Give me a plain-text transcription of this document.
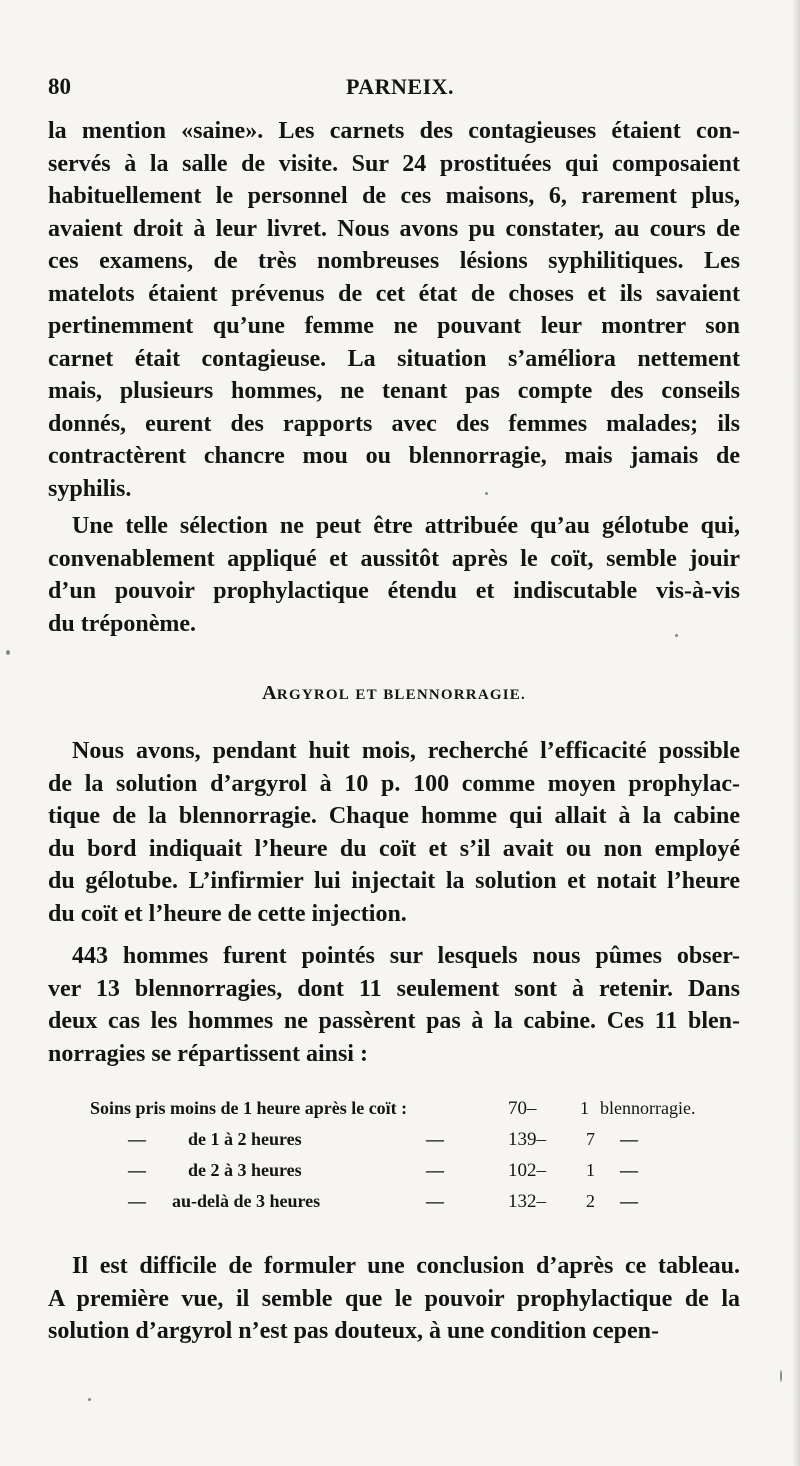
80	PARNEIX.
la mention «saine». Les carnets des contagieuses étaient con-
servés à la salle de visite. Sur 24 prostituées qui composaient
habituellement le personnel de ces maisons, 6, rarement plus,
avaient droit à leur livret. Nous avons pu constater, au cours de
ces examens, de très nombreuses lésions syphilitiques. Les
matelots étaient prévenus de cet état de choses et ils savaient
pertinemment qu’une femme ne pouvant leur montrer son
carnet était contagieuse. La situation s’améliora nettement
mais, plusieurs hommes, ne tenant pas compte des conseils
donnés, eurent des rapports avec des femmes malades; ils
contractèrent chancre mou ou blennorragie, mais jamais de
syphilis.
Une telle sélection ne peut être attribuée qu’au gélotube qui,
convenablement appliqué et aussitôt après le coït, semble jouir
d’un pouvoir prophylactique étendu et indiscutable vis-à-vis
du tréponème.
ARGYROL ET BLENNORRAGIE.
Nous avons, pendant huit mois, recherché l’efficacité possible
de la solution d’argyrol à 10 p. 100 comme moyen prophylac-
tique de la blennorragie. Chaque homme qui allait à la cabine
du bord indiquait l’heure du coït et s’il avait ou non employé
du gélotube. L’infirmier lui injectait la solution et notait l’heure
du coït et l’heure de cette injection.
443 hommes furent pointés sur lesquels nous pûmes obser-
ver 13 blennorragies, dont 11 seulement sont à retenir. Dans
deux cas les hommes ne passèrent pas à la cabine. Ces 11 blen-
norragies se répartissent ainsi :
Soins pris moins de 1 heure après le coït :	70– 1 blennorragie.
— de 1 à 2 heures	—	139– 7 —
— de 2 à 3 heures	—	102– 1 —
— au-delà de 3 heures	—	132– 2 —
Il est difficile de formuler une conclusion d’après ce tableau.
A première vue, il semble que le pouvoir prophylactique de la
solution d’argyrol n’est pas douteux, à une condition cepen-
